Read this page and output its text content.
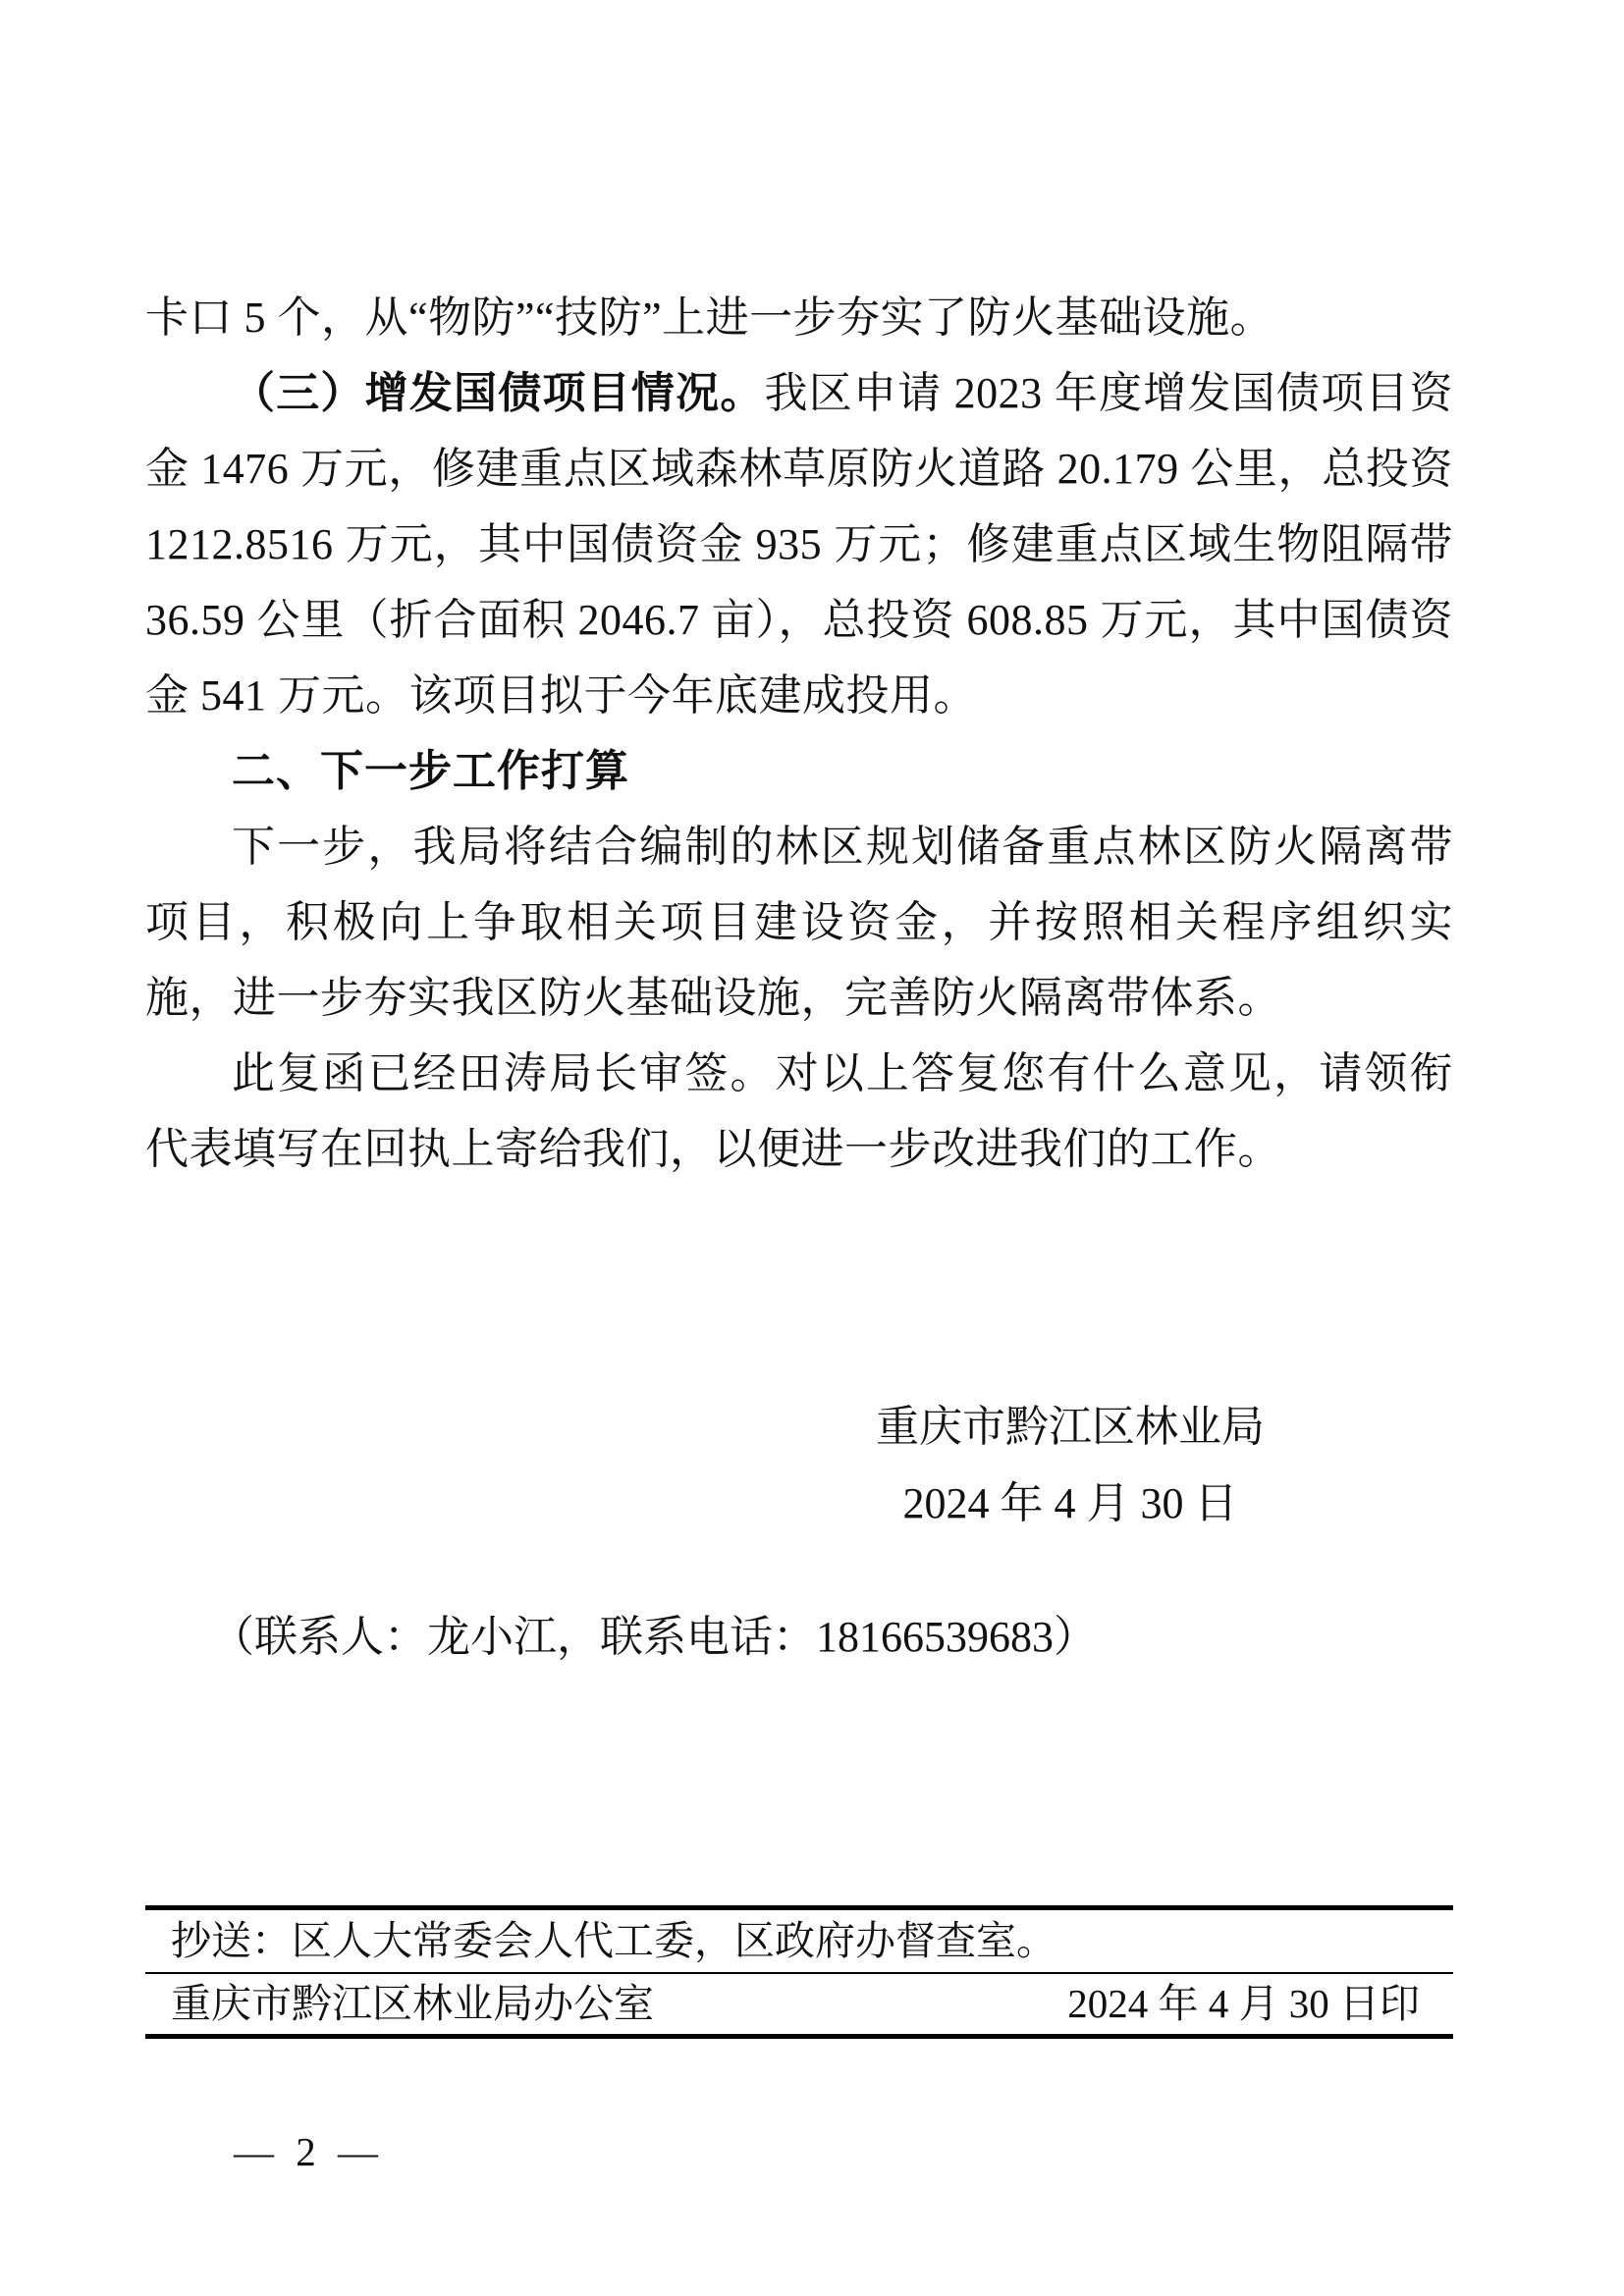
卡口 5 个，从“物防”“技防”上进一步夯实了防火基础设施。

（三）增发国债项目情况。我区申请 2023 年度增发国债项目资金 1476 万元，修建重点区域森林草原防火道路 20.179 公里，总投资 1212.8516 万元，其中国债资金 935 万元；修建重点区域生物阻隔带 36.59 公里（折合面积 2046.7 亩），总投资 608.85 万元，其中国债资金 541 万元。该项目拟于今年底建成投用。

二、下一步工作打算

下一步，我局将结合编制的林区规划储备重点林区防火隔离带项目，积极向上争取相关项目建设资金，并按照相关程序组织实施，进一步夯实我区防火基础设施，完善防火隔离带体系。

此复函已经田涛局长审签。对以上答复您有什么意见，请领衔代表填写在回执上寄给我们，以便进一步改进我们的工作。

重庆市黔江区林业局
2024 年 4 月 30 日
（联系人：龙小江，联系电话：18166539683）
抄送：区人大常委会人代工委，区政府办督查室。
重庆市黔江区林业局办公室	2024 年 4 月 30 日印
— 2 —
